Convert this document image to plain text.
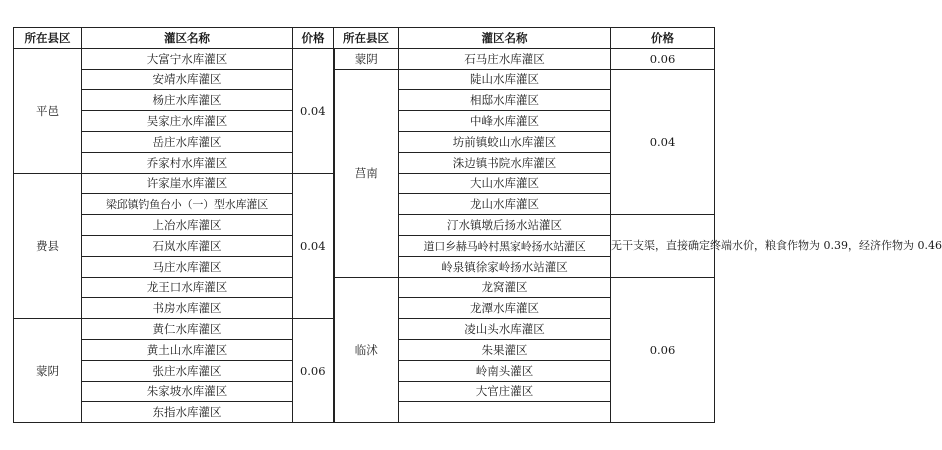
所在县区	灌区名称	价格	所在县区	灌区名称	价格
平邑	大富宁水库灌区	0.04	蒙阴	石马庄水库灌区	0.06
	安靖水库灌区		莒南	陡山水库灌区	0.04
	杨庄水库灌区			相邸水库灌区	
	吴家庄水库灌区			中峰水库灌区	
	岳庄水库灌区			坊前镇蛟山水库灌区	
	乔家村水库灌区			洙边镇书院水库灌区	
费县	许家崖水库灌区	0.04		大山水库灌区	
	梁邱镇钓鱼台小（一）型水库灌区			龙山水库灌区	
	上冶水库灌区			汀水镇墩后扬水站灌区	无干支渠，直接确定终端水价，粮食作物为 0.39，经济作物为 0.46
	石岚水库灌区			道口乡赫马岭村黑家岭扬水站灌区	
	马庄水库灌区			岭泉镇徐家岭扬水站灌区	
	龙王口水库灌区		临沭	龙窝灌区	0.06
	书房水库灌区			龙潭水库灌区	
蒙阴	黄仁水库灌区	0.06		凌山头水库灌区	
	黄土山水库灌区			朱果灌区	
	张庄水库灌区			岭南头灌区	
	朱家坡水库灌区			大官庄灌区	
	东指水库灌区				
